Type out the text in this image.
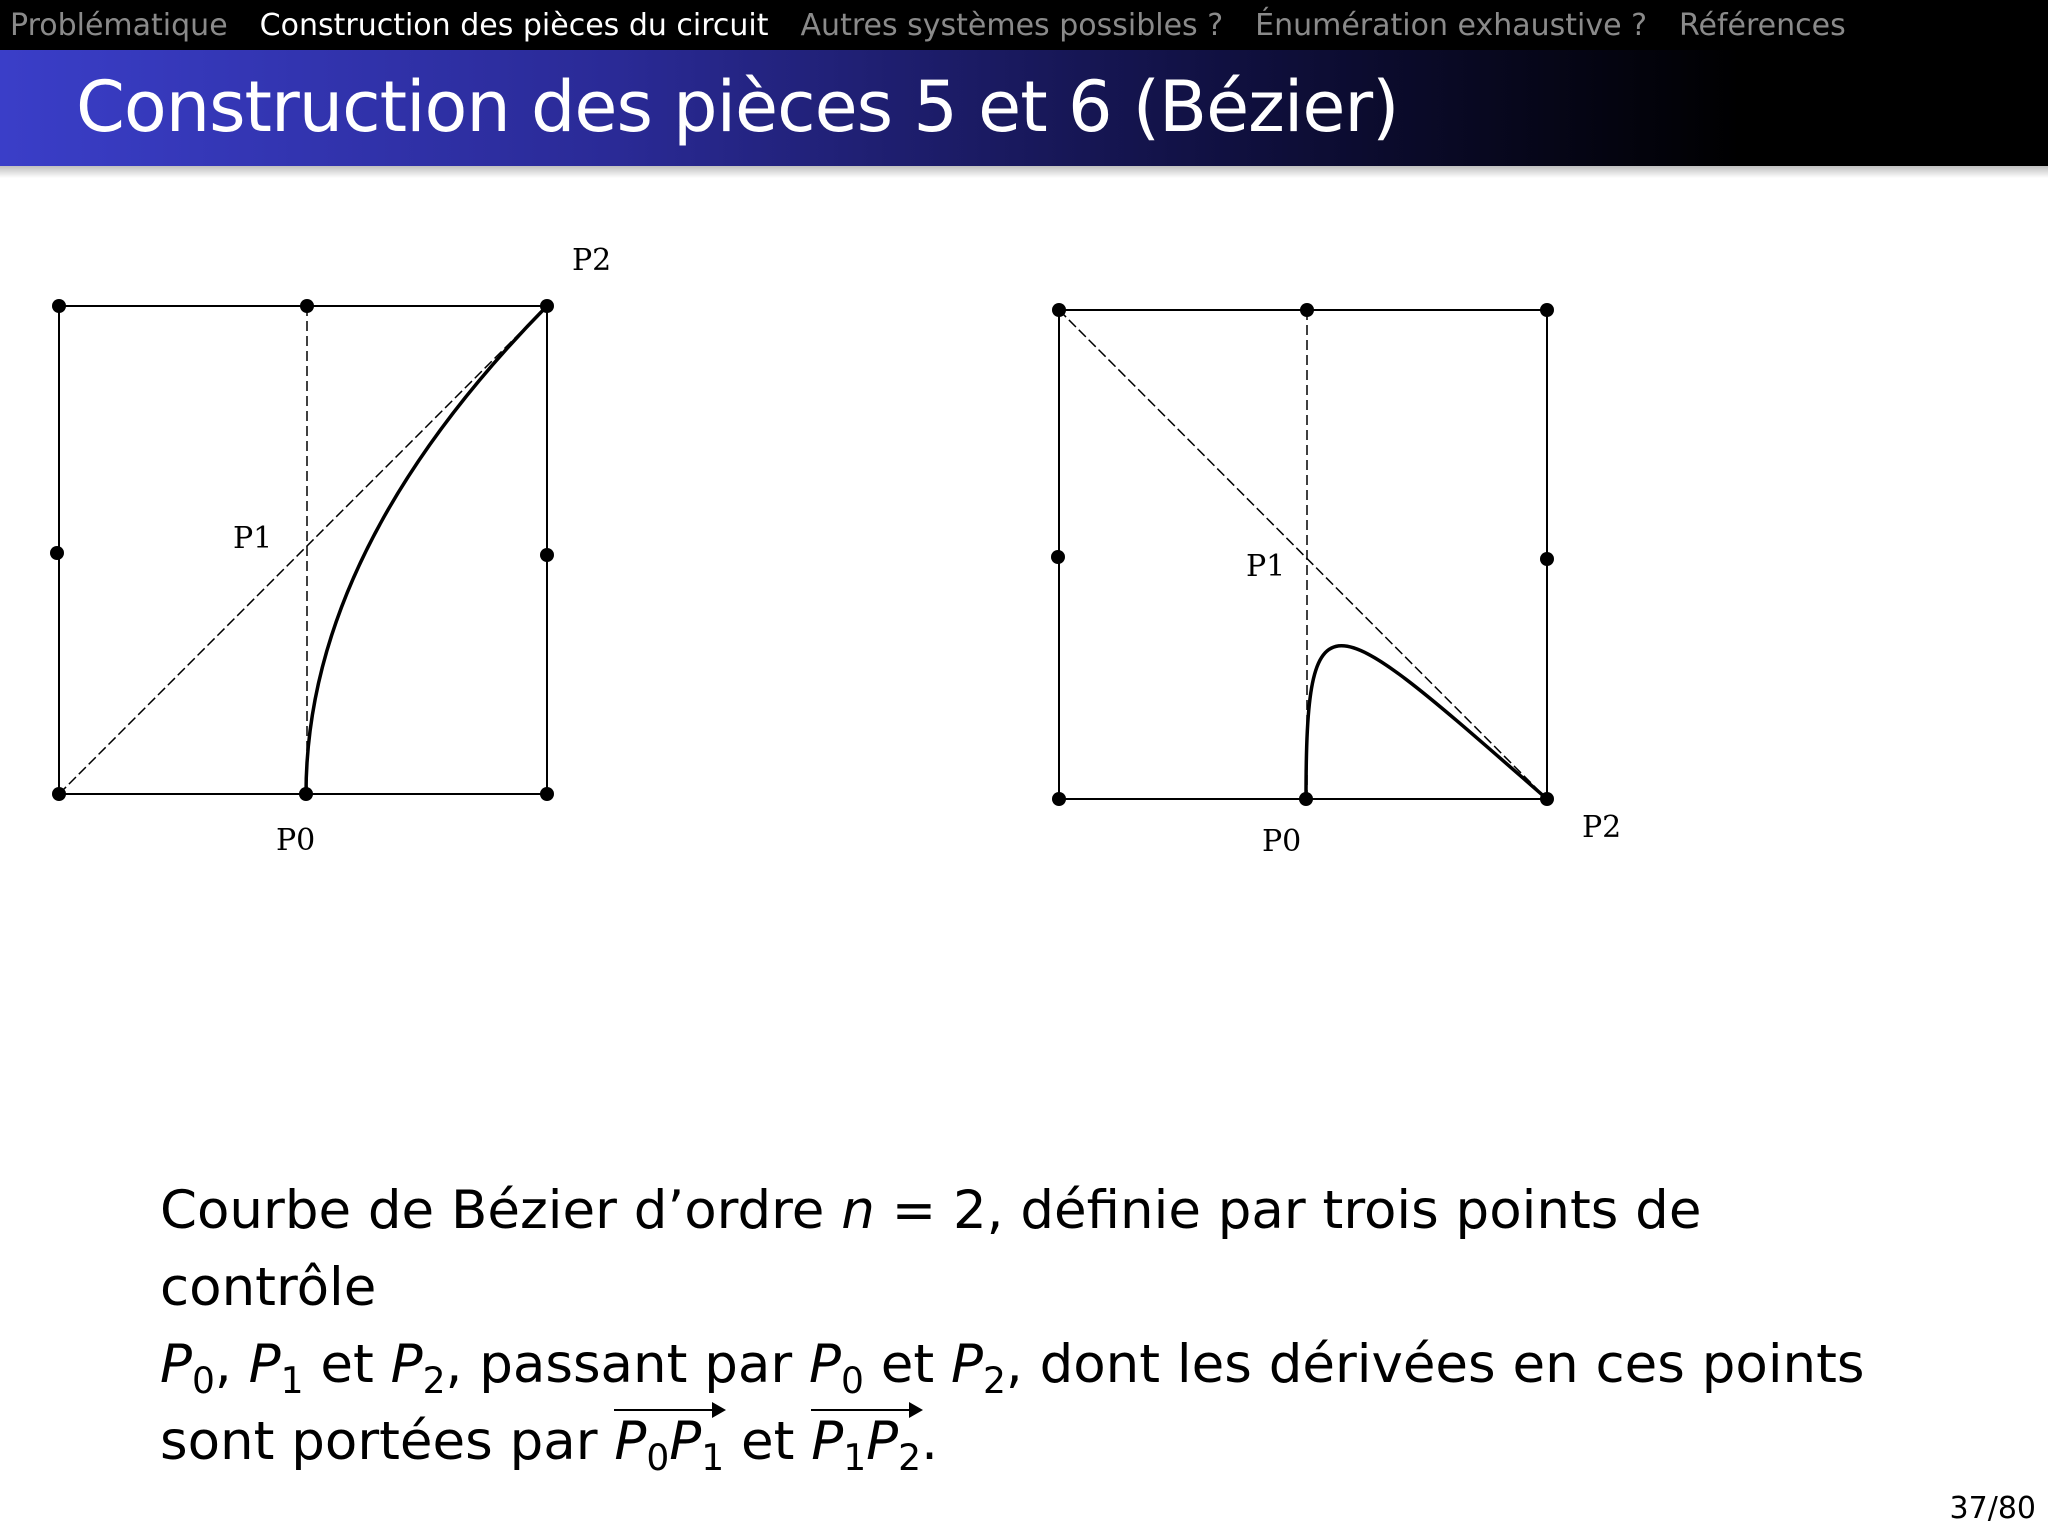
Problématique Construction des pièces du circuit Autres systèmes possibles ? Énumération exhaustive ? Références
Construction des pièces 5 et 6 (Bézier)
P2
P1
P0
P1
P0	P2
Courbe de Bézier d’ordre n = 2, définie par trois points de contrôle
$P_0$, $P_1$ et $P_2$, passant par $P_0$ et $P_2$, dont les dérivées en ces points
sont portées par
$P_0P_1$ et
$P_1P_2$.
37/80
